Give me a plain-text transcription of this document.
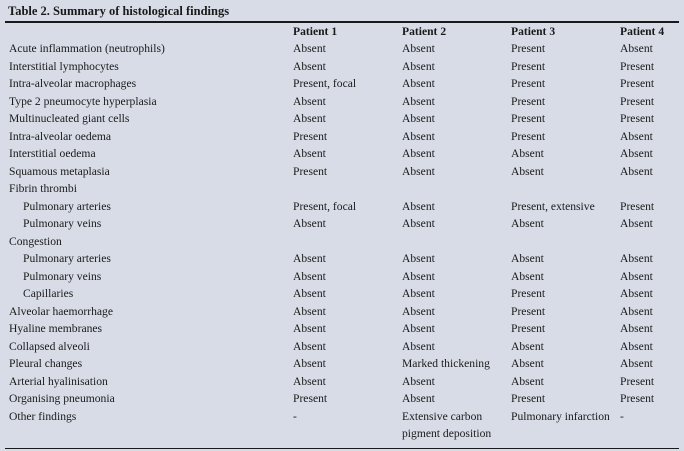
Table 2. Summary of histological findings
	Patient 1	Patient 2	Patient 3	Patient 4
Acute inflammation (neutrophils)	Absent	Absent	Present	Absent
Interstitial lymphocytes	Absent	Absent	Present	Present
Intra-alveolar macrophages	Present, focal	Absent	Present	Present
Type 2 pneumocyte hyperplasia	Absent	Absent	Present	Present
Multinucleated giant cells	Absent	Absent	Present	Present
Intra-alveolar oedema	Present	Absent	Present	Absent
Interstitial oedema	Absent	Absent	Absent	Absent
Squamous metaplasia	Present	Absent	Absent	Absent
Fibrin thrombi				
Pulmonary arteries	Present, focal	Absent	Present, extensive	Present
Pulmonary veins	Absent	Absent	Absent	Absent
Congestion				
Pulmonary arteries	Absent	Absent	Absent	Absent
Pulmonary veins	Absent	Absent	Absent	Absent
Capillaries	Absent	Absent	Present	Absent
Alveolar haemorrhage	Absent	Absent	Present	Absent
Hyaline membranes	Absent	Absent	Present	Absent
Collapsed alveoli	Absent	Absent	Absent	Absent
Pleural changes	Absent	Marked thickening	Absent	Absent
Arterial hyalinisation	Absent	Absent	Absent	Present
Organising pneumonia	Present	Absent	Present	Present
Other findings	-	Extensive carbon pigment deposition	Pulmonary infarction	-
